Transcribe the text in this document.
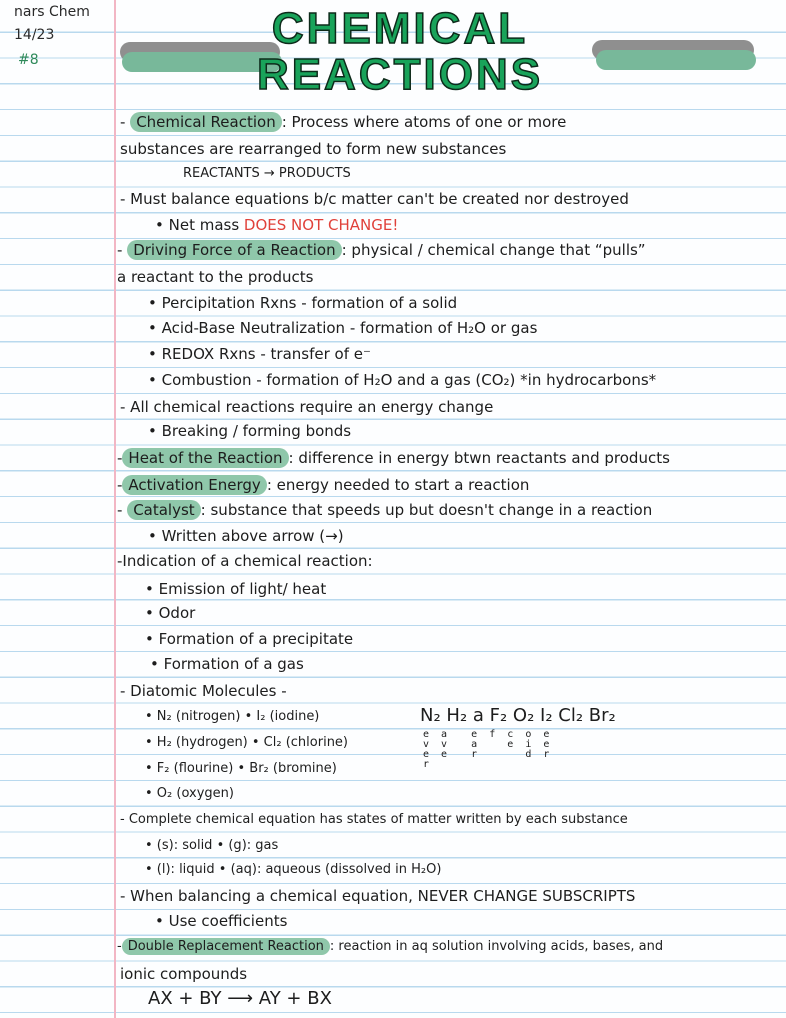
nars Chem
14/23
#8
CHEMICAL
REACTIONS
- Chemical Reaction : Process where atoms of one or more
substances are rearranged to form new substances
REACTANTS → PRODUCTS
- Must balance equations b/c matter can't be created nor destroyed
• Net mass DOES NOT CHANGE!
- Driving Force of a Reaction : physical / chemical change that “pulls”
a reactant to the products
• Percipitation Rxns - formation of a solid
• Acid-Base Neutralization - formation of H₂O or gas
• REDOX Rxns - transfer of e⁻
• Combustion - formation of H₂O and a gas (CO₂) *in hydrocarbons*
- All chemical reactions require an energy change
• Breaking / forming bonds
- Heat of the Reaction : difference in energy btwn reactants and products
- Activation Energy : energy needed to start a reaction
- Catalyst : substance that speeds up but doesn't change in a reaction
• Written above arrow (→)
-Indication of a chemical reaction:
• Emission of light/ heat
• Odor
• Formation of a precipitate
• Formation of a gas
- Diatomic Molecules -
• N₂ (nitrogen) • I₂ (iodine)
• H₂ (hydrogen) • Cl₂ (chlorine)
• F₂ (flourine) • Br₂ (bromine)
• O₂ (oxygen)
N₂ H₂ a F₂ O₂ I₂ Cl₂ Br₂
e  a    e  f  c  o  e
v  v    a     e  i  e
e  e    r        d  r
r
- Complete chemical equation has states of matter written by each substance
• (s): solid • (g): gas
• (l): liquid • (aq): aqueous (dissolved in H₂O)
- When balancing a chemical equation, NEVER CHANGE SUBSCRIPTS
• Use coefficients
- Double Replacement Reaction : reaction in aq solution involving acids, bases, and
ionic compounds
AX + BY ⟶ AY + BX
